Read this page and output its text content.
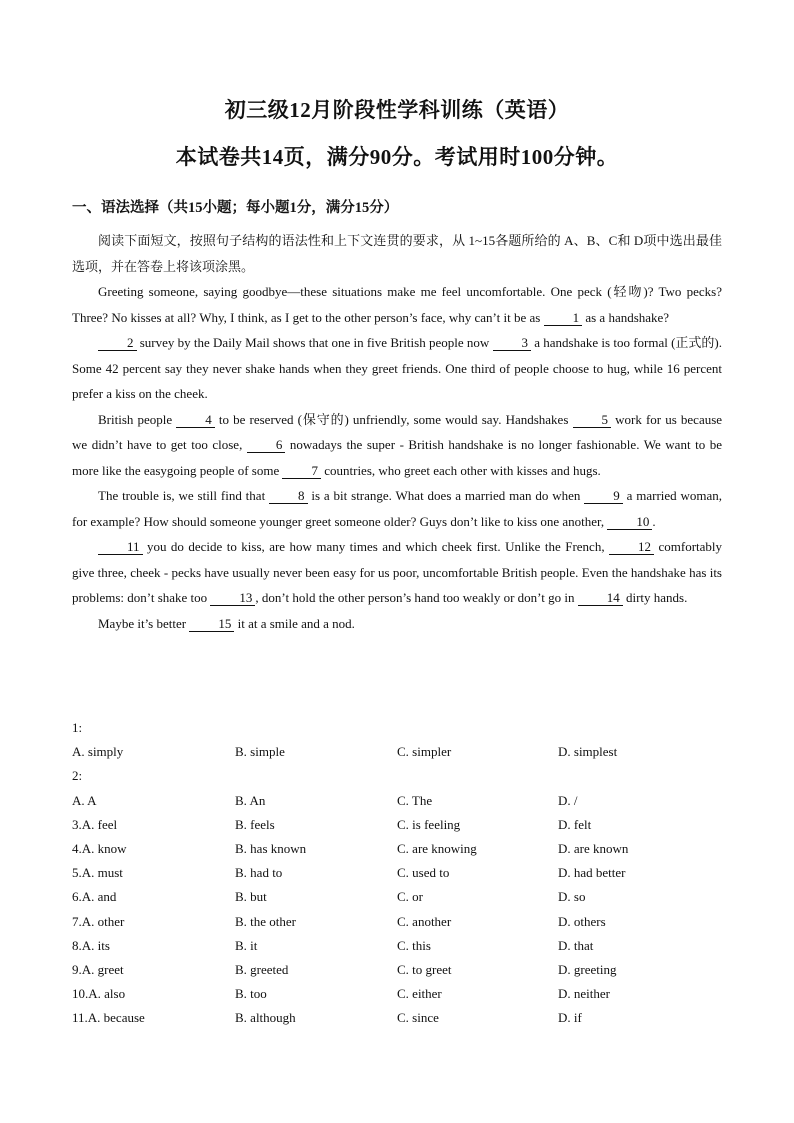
初三级12月阶段性学科训练（英语）
本试卷共14页，满分90分。考试用时100分钟。
一、语法选择（共15小题；每小题1分，满分15分）

阅读下面短文，按照句子结构的语法性和上下文连贯的要求，从 1~15各题所给的 A、B、C和 D项中选出最佳选项，并在答卷上将该项涂黑。

Greeting someone, saying goodbye—these situations make me feel uncomfortable. One peck (轻吻)? Two pecks? Three? No kisses at all? Why, I think, as I get to the other person’s face, why can’t it be as 1 as a handshake?

2 survey by the Daily Mail shows that one in five British people now 3 a handshake is too formal (正式的). Some 42 percent say they never shake hands when they greet friends. One third of people choose to hug, while 16 percent prefer a kiss on the cheek.

British people	4 to be reserved (保守的) unfriendly, some would say. Handshakes	5 work for us because we didn’t have to get too close,	6 nowadays the super - British handshake is no longer fashionable. We want to be more like the easygoing people of some 7 countries, who greet each other with kisses and hugs.

The trouble is, we still find that	8 is a bit strange. What does a married man do when	9 a married woman, for example? How should someone younger greet someone older? Guys don’t like to kiss one another, 10 .

11 you do decide to kiss, are how many times and which cheek first. Unlike the French,	12 comfortably give three, cheek - pecks have usually never been easy for us poor, uncomfortable British people. Even the handshake has its problems: don’t shake too 13 , don’t hold the other person’s hand too weakly or don’t go in 14 dirty hands.

Maybe it’s better 15 it at a smile and a nod.

1:
A. simply	B. simple	C. simpler	D. simplest
2:
A. A	B. An	C. The	D. /
3.A. feel	B. feels	C. is feeling	D. felt
4.A. know	B. has known	C. are knowing	D. are known
5.A. must	B. had to	C. used to	D. had better
6.A. and	B. but	C. or	D. so
7.A. other	B. the other	C. another	D. others
8.A. its	B. it	C. this	D. that
9.A. greet	B. greeted	C. to greet	D. greeting
10.A. also	B. too	C. either	D. neither
11.A. because	B. although	C. since	D. if
